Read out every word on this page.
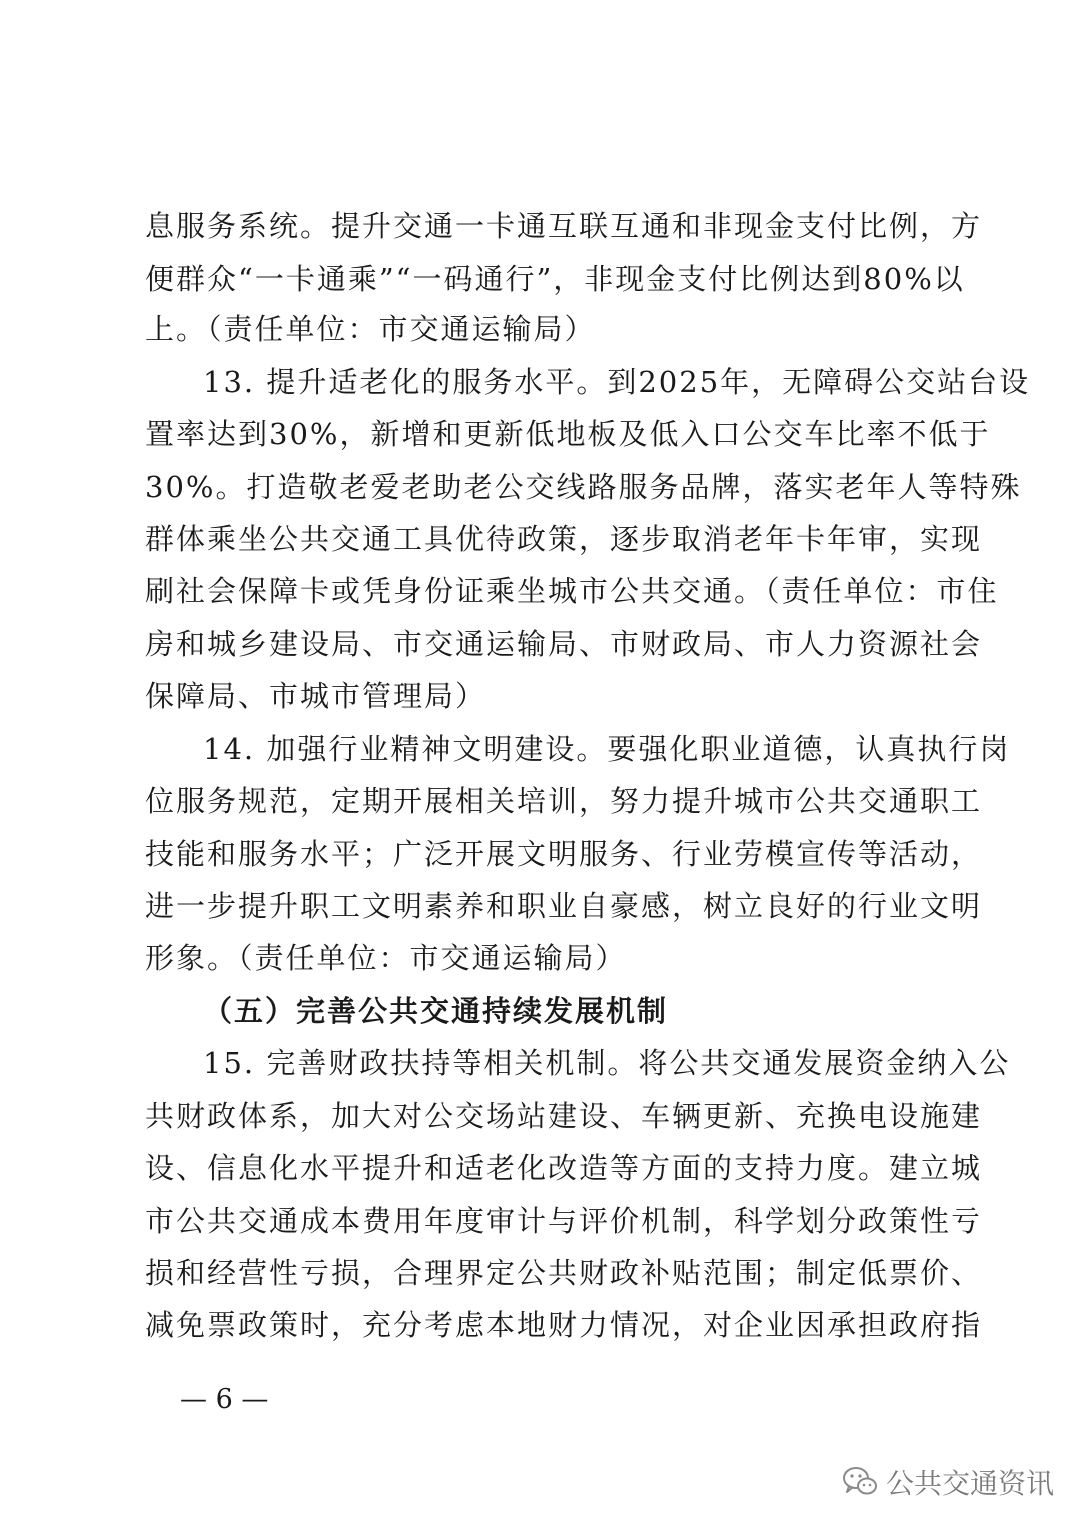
息服务系统。提升交通一卡通互联互通和非现金支付比例，方
便群众“一卡通乘”“一码通行”，非现金支付比例达到80%以
上。（责任单位：市交通运输局）
13. 提升适老化的服务水平。到2025年，无障碍公交站台设
置率达到30%，新增和更新低地板及低入口公交车比率不低于
30%。打造敬老爱老助老公交线路服务品牌，落实老年人等特殊
群体乘坐公共交通工具优待政策，逐步取消老年卡年审，实现
刷社会保障卡或凭身份证乘坐城市公共交通。（责任单位：市住
房和城乡建设局、市交通运输局、市财政局、市人力资源社会
保障局、市城市管理局）
14. 加强行业精神文明建设。要强化职业道德，认真执行岗
位服务规范，定期开展相关培训，努力提升城市公共交通职工
技能和服务水平；广泛开展文明服务、行业劳模宣传等活动，
进一步提升职工文明素养和职业自豪感，树立良好的行业文明
形象。（责任单位：市交通运输局）
（五）完善公共交通持续发展机制
15. 完善财政扶持等相关机制。将公共交通发展资金纳入公
共财政体系，加大对公交场站建设、车辆更新、充换电设施建
设、信息化水平提升和适老化改造等方面的支持力度。建立城
市公共交通成本费用年度审计与评价机制，科学划分政策性亏
损和经营性亏损，合理界定公共财政补贴范围；制定低票价、
减免票政策时，充分考虑本地财力情况，对企业因承担政府指
— 6 —
公共交通资讯
